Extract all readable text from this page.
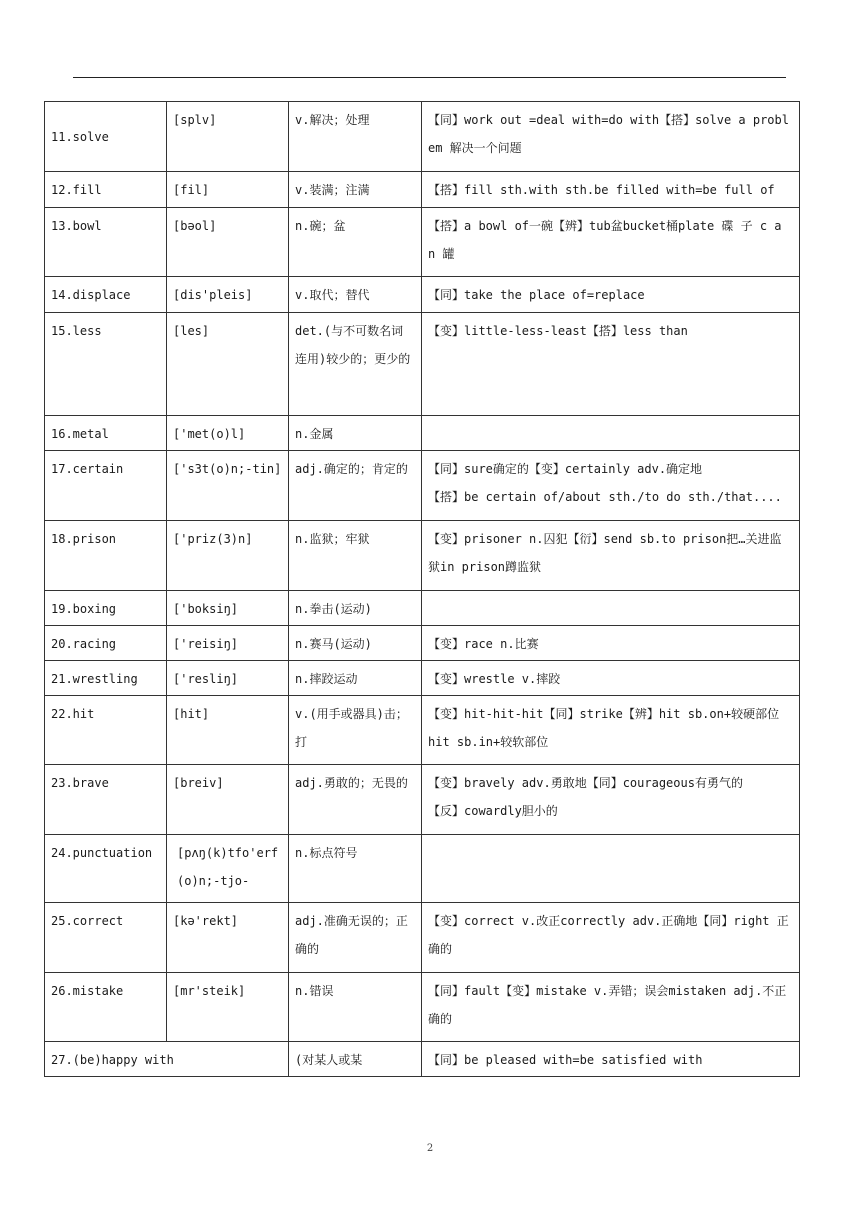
11.solve	[splv]	v.解决；处理	【同】work out =deal with=do with【搭】solve a problem 解决一个问题

12.fill	[fil]	v.装满；注满	【搭】fill sth.with sth.be filled with=be full of

13.bowl	[bəol]	n.碗；盆	【搭】a bowl of一碗【辨】tub盆bucket桶plate 碟 子 c a n 罐

14.displace	[dis'pleis]	v.取代；替代	【同】take the place of=replace

15.less	[les]	det.(与不可数名词连用)较少的；更少的	【变】little-less-least【搭】less than

16.metal	['met(o)l]	n.金属	

17.certain	['s3t(o)n;-tin]	adj.确定的；肯定的	【同】sure确定的【变】certainly adv.确定地
【搭】be certain of/about sth./to do sth./that....

18.prison	['priz(3)n]	n.监狱；牢狱	【变】prisoner n.囚犯【衍】send sb.to prison把…关进监狱in prison蹲监狱

19.boxing	['boksiŋ]	n.拳击(运动)	

20.racing	['reisiŋ]	n.赛马(运动)	【变】race n.比赛

21.wrestling	['resliŋ]	n.摔跤运动	【变】wrestle v.摔跤

22.hit	[hit]	v.(用手或器具)击；打	【变】hit-hit-hit【同】strike【辨】hit sb.on+较硬部位 hit sb.in+较软部位

23.brave	[breiv]	adj.勇敢的；无畏的	【变】bravely adv.勇敢地【同】courageous有勇气的
【反】cowardly胆小的

24.punctuation	[pʌŋ(k)tfo'erf(o)n;-tjo-	n.标点符号	

25.correct	[kə'rekt]	adj.准确无误的；正确的	【变】correct v.改正correctly adv.正确地【同】right 正确的

26.mistake	[mr'steik]	n.错误	【同】fault【变】mistake v.弄错；误会mistaken adj.不正确的

27.(be)happy with		(对某人或某	【同】be pleased with=be satisfied with
2
